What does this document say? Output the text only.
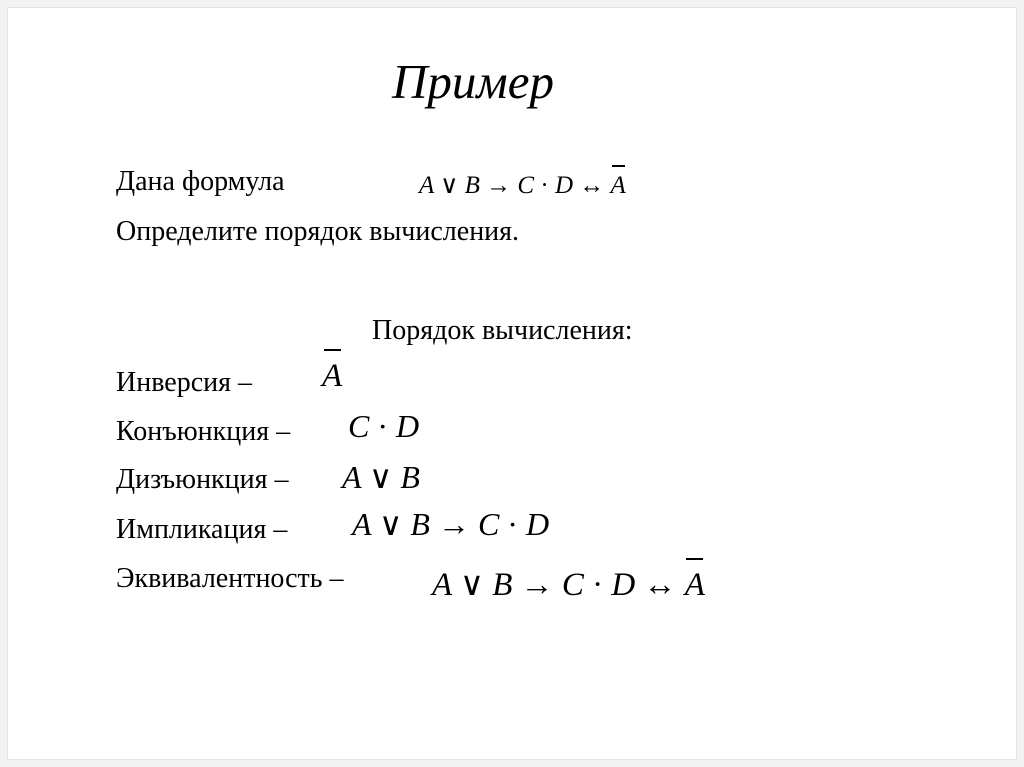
Пример
Дана формула	A ∨ B → C · D ↔ A
Определите порядок вычисления.
Порядок вычисления:
Инверсия – A
Конъюнкция – C · D
Дизъюнкция – A ∨ B
Импликация – A ∨ B → C · D
Эквивалентность –	A ∨ B → C · D ↔ A
